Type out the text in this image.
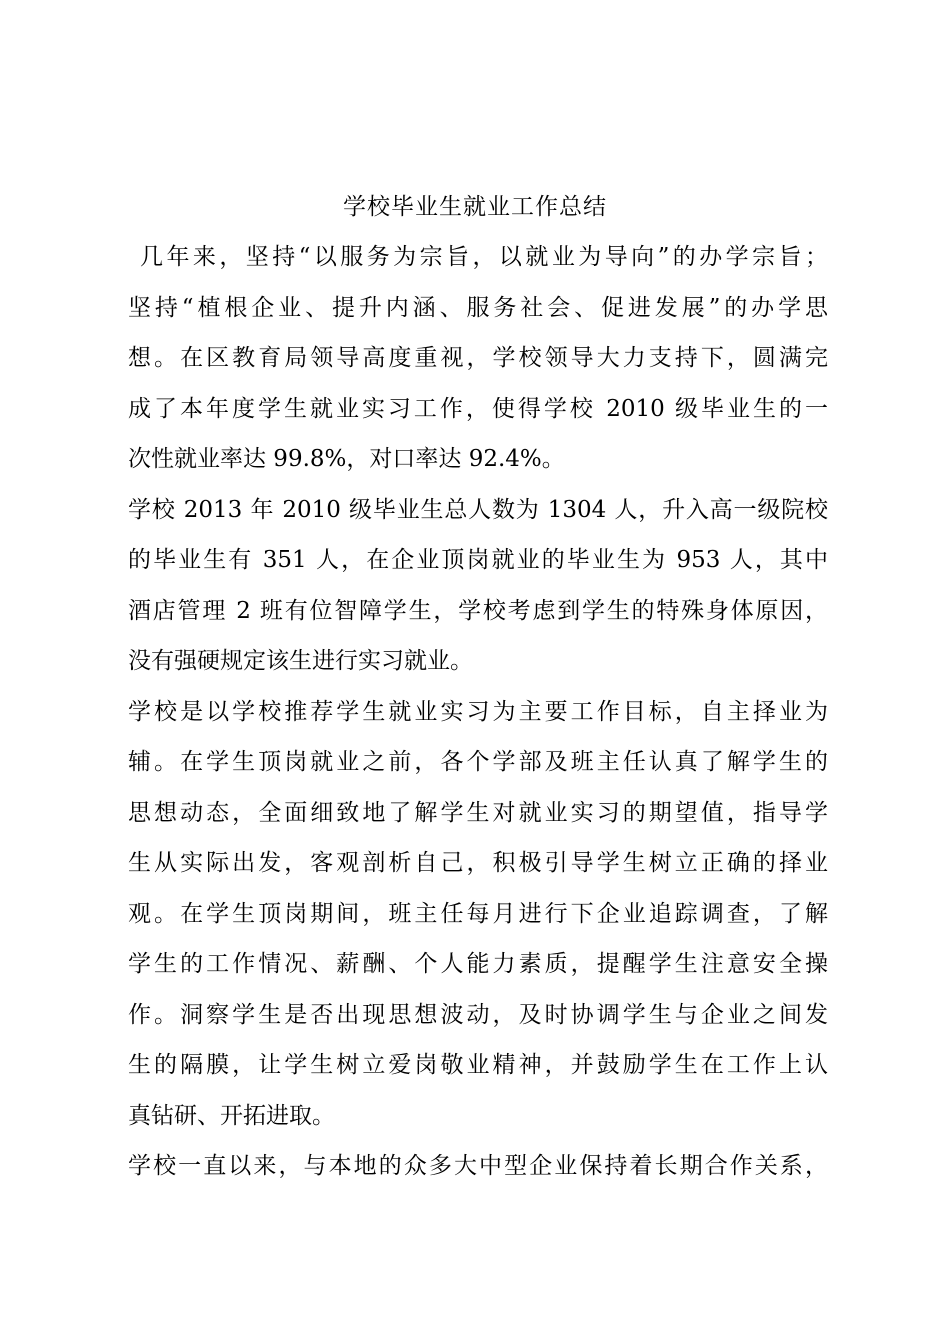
学校毕业生就业工作总结
几年来，坚持“以服务为宗旨，以就业为导向”的办学宗旨；
坚持“植根企业、提升内涵、服务社会、促进发展”的办学思
想。在区教育局领导高度重视，学校领导大力支持下，圆满完
成了本年度学生就业实习工作，使得学校 2010 级毕业生的一
次性就业率达 99.8%，对口率达 92.4%。
学校 2013 年 2010 级毕业生总人数为 1304 人，升入高一级院校
的毕业生有 351 人，在企业顶岗就业的毕业生为 953 人，其中
酒店管理 2 班有位智障学生，学校考虑到学生的特殊身体原因，
没有强硬规定该生进行实习就业。
学校是以学校推荐学生就业实习为主要工作目标，自主择业为
辅。在学生顶岗就业之前，各个学部及班主任认真了解学生的
思想动态，全面细致地了解学生对就业实习的期望值，指导学
生从实际出发，客观剖析自己，积极引导学生树立正确的择业
观。在学生顶岗期间，班主任每月进行下企业追踪调查，了解
学生的工作情况、薪酬、个人能力素质，提醒学生注意安全操
作。洞察学生是否出现思想波动，及时协调学生与企业之间发
生的隔膜，让学生树立爱岗敬业精神，并鼓励学生在工作上认
真钻研、开拓进取。
学校一直以来，与本地的众多大中型企业保持着长期合作关系，
